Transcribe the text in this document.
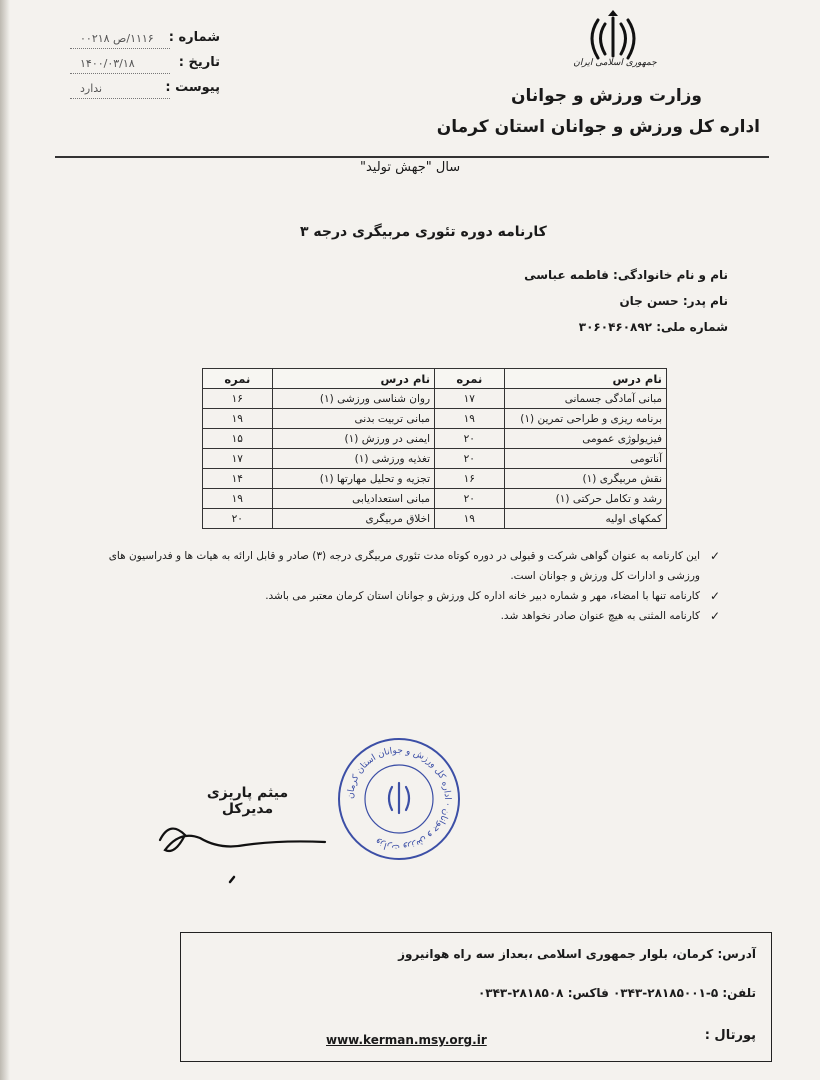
جمهوری اسلامی ایران
وزارت ورزش و جوانان
اداره کل ورزش و جوانان استان کرمان
شماره :
۱۱۱۶/ص ۰۰۲۱۸
تاریخ :
۱۴۰۰/۰۳/۱۸
پیوست :
ندارد
سال "جهش تولید"
کارنامه دوره تئوری مربیگری درجه ۳
نام و نام خانوادگی: فاطمه عباسی
نام پدر: حسن جان
شماره ملی: ۳۰۶۰۴۶۰۸۹۲
نام درس	نمره	نام درس	نمره
مبانی آمادگی جسمانی	۱۷	روان شناسی ورزشی (۱)	۱۶
برنامه ریزی و طراحی تمرین (۱)	۱۹	مبانی تربیت بدنی	۱۹
فیزیولوژی عمومی	۲۰	ایمنی در ورزش (۱)	۱۵
آناتومی	۲۰	تغذیه ورزشی (۱)	۱۷
نقش مربیگری (۱)	۱۶	تجزیه و تحلیل مهارتها (۱)	۱۴
رشد و تکامل حرکتی (۱)	۲۰	مبانی استعدادیابی	۱۹
کمکهای اولیه	۱۹	اخلاق مربیگری	۲۰
✓
این کارنامه به عنوان گواهی شرکت و قبولی در دوره کوتاه مدت تئوری مربیگری درجه (۳) صادر و قابل ارائه به هیات ها و فدراسیون های ورزشی و ادارات کل ورزش و جوانان است.
✓
کارنامه تنها با امضاء، مهر و شماره دبیر خانه اداره کل ورزش و جوانان استان کرمان معتبر می باشد.
✓
کارنامه المثنی به هیچ عنوان صادر نخواهد شد.
میثم پاریزی
مدیرکل
وزارت ورزش و جوانان · اداره کل ورزش و جوانان استان کرمان
آدرس: کرمان، بلوار جمهوری اسلامی ،بعداز سه راه هوانیروز
تلفن: ۵-۲۸۱۸۵۰۰۱-۰۳۴۳ فاکس: ۲۸۱۸۵۰۸-۰۳۴۳
پورتال :
www.kerman.msy.org.ir
